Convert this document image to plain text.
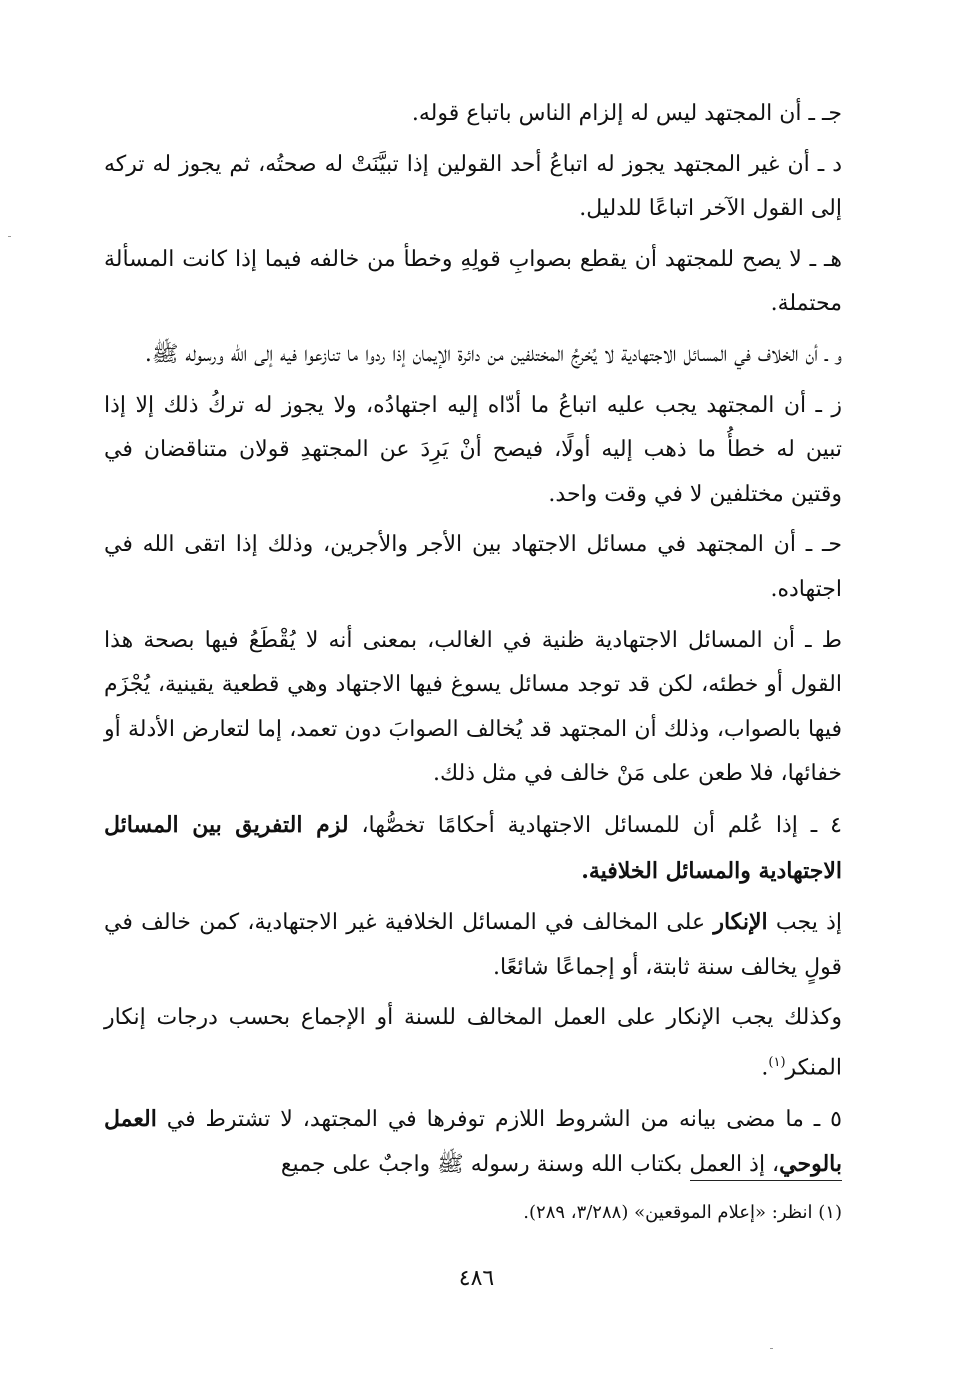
جـ ـ أن المجتهد ليس له إلزام الناس باتباع قوله.

د ـ أن غير المجتهد يجوز له اتباعُ أحد القولين إذا تبيَّنَتْ له صحتُه، ثم يجوز له تركه إلى القول الآخر اتباعًا للدليل.

هـ ـ لا يصح للمجتهد أن يقطع بصوابِ قولِهِ وخطأ من خالفه فيما إذا كانت المسألة محتملة.

و ـ أن الخلاف في المسائل الاجتهادية لا يُخرجُ المختلفين من دائرة الإيمان إذا ردوا ما تنازعوا فيه إلى الله ورسوله ﷺ.

ز ـ أن المجتهد يجب عليه اتباعُ ما أدّاه إليه اجتهادُه، ولا يجوز له تركُ ذلك إلا إذا تبين له خطأُ ما ذهب إليه أولًا، فيصح أنْ يَرِدَ عن المجتهدِ قولان متناقضان في وقتين مختلفين لا في وقت واحد.

حـ ـ أن المجتهد في مسائل الاجتهاد بين الأجر والأجرين، وذلك إذا اتقى الله في اجتهاده.

ط ـ أن المسائل الاجتهادية ظنية في الغالب، بمعنى أنه لا يُقْطَعُ فيها بصحة هذا القول أو خطئه، لكن قد توجد مسائل يسوغ فيها الاجتهاد وهي قطعية يقينية، يُجْزَم فيها بالصواب، وذلك أن المجتهد قد يُخالف الصوابَ دون تعمد، إما لتعارض الأدلة أو خفائها، فلا طعن على مَنْ خالف في مثل ذلك.

٤ ـ إذا عُلم أن للمسائل الاجتهادية أحكامًا تخصُّها، لزم التفريق بين المسائل الاجتهادية والمسائل الخلافية.

إذ يجب الإنكار على المخالف في المسائل الخلافية غير الاجتهادية، كمن خالف في قولٍ يخالف سنة ثابتة، أو إجماعًا شائعًا.

وكذلك يجب الإنكار على العمل المخالف للسنة أو الإجماع بحسب درجات إنكار المنكر$^{(١)}$.

٥ ـ ما مضى بيانه من الشروط اللازم توفرها في المجتهد، لا تشترط في العمل بالوحي، إذ العمل بكتاب الله وسنة رسوله ﷺ واجبٌ على جميع

(١) انظر: «إعلام الموقعين» (٣/٢٨٨، ٢٨٩).
٤٨٦
